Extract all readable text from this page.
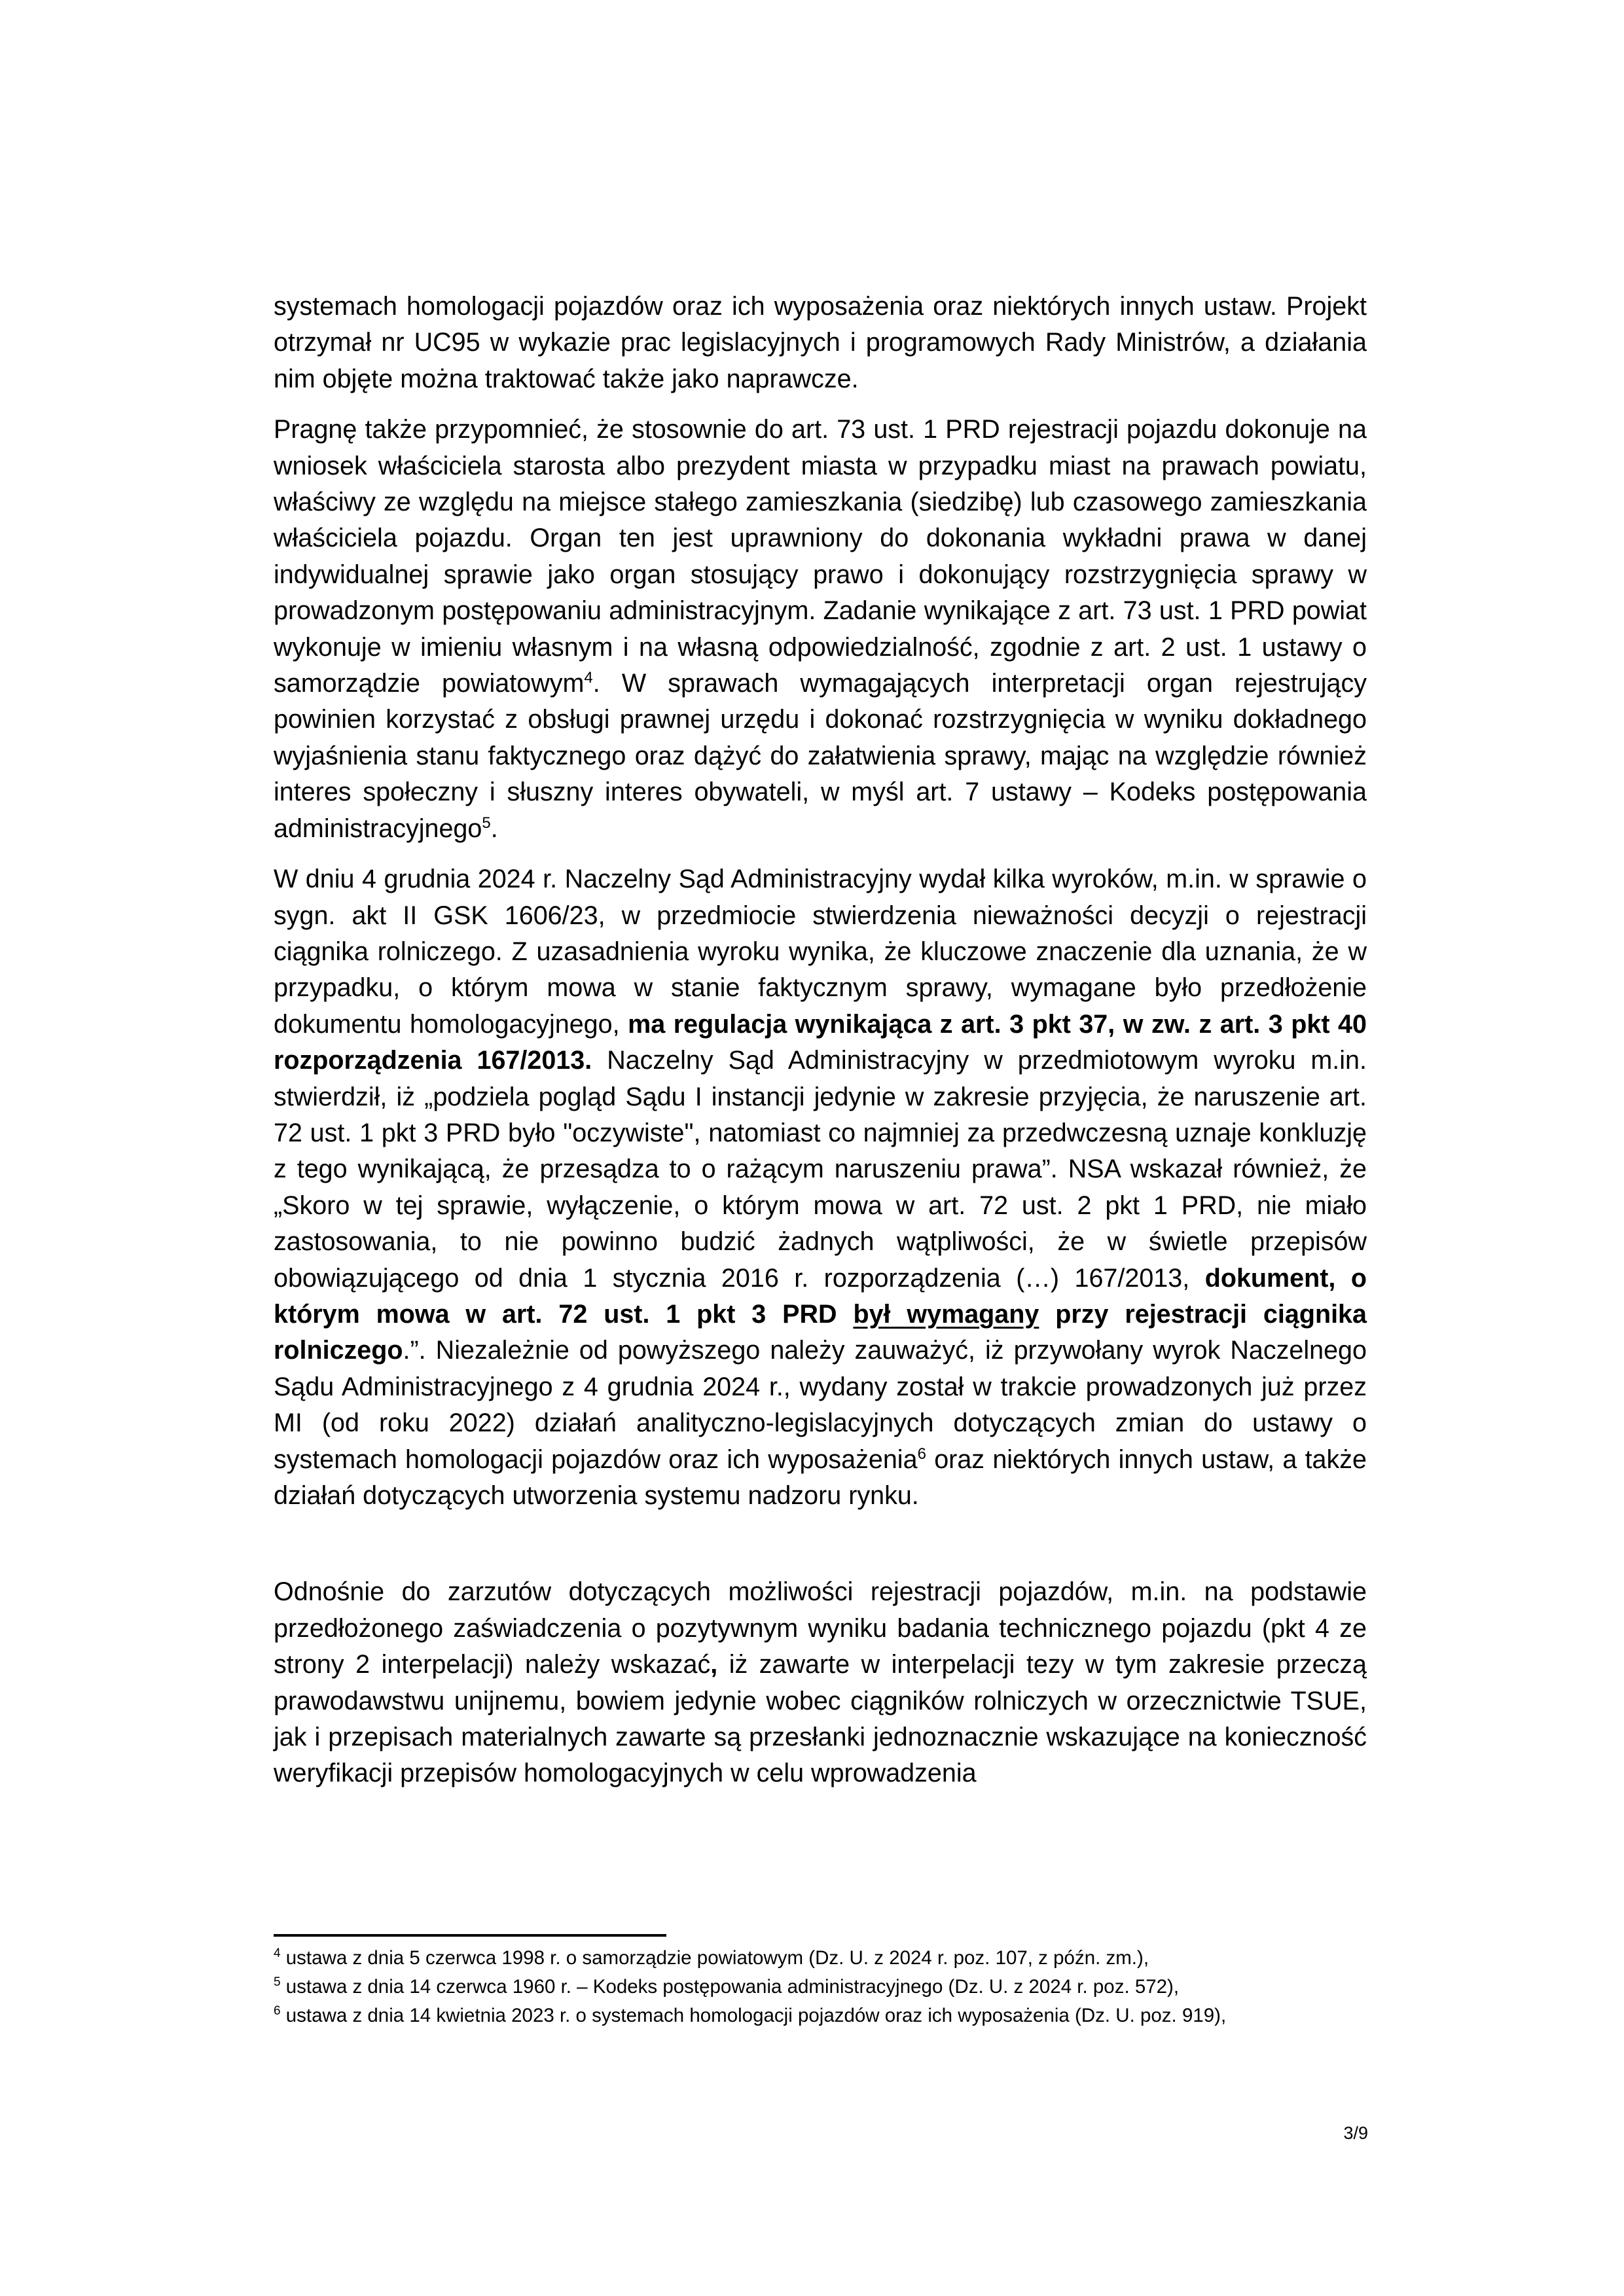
systemach homologacji pojazdów oraz ich wyposażenia oraz niektórych innych ustaw. Projekt otrzymał nr UC95 w wykazie prac legislacyjnych i programowych Rady Ministrów, a działania nim objęte można traktować także jako naprawcze.

Pragnę także przypomnieć, że stosownie do art. 73 ust. 1 PRD rejestracji pojazdu dokonuje na wniosek właściciela starosta albo prezydent miasta w przypadku miast na prawach powiatu, właściwy ze względu na miejsce stałego zamieszkania (siedzibę) lub czasowego zamieszkania właściciela pojazdu. Organ ten jest uprawniony do dokonania wykładni prawa w danej indywidualnej sprawie jako organ stosujący prawo i dokonujący rozstrzygnięcia sprawy w prowadzonym postępowaniu administracyjnym. Zadanie wynikające z art. 73 ust. 1 PRD powiat wykonuje w imieniu własnym i na własną odpowiedzialność, zgodnie z art. 2 ust. 1 ustawy o samorządzie powiatowym$^4$. W sprawach wymagających interpretacji organ rejestrujący powinien korzystać z obsługi prawnej urzędu i dokonać rozstrzygnięcia w wyniku dokładnego wyjaśnienia stanu faktycznego oraz dążyć do załatwienia sprawy, mając na względzie również interes społeczny i słuszny interes obywateli, w myśl art. 7 ustawy – Kodeks postępowania administracyjnego$^5$.

W dniu 4 grudnia 2024 r. Naczelny Sąd Administracyjny wydał kilka wyroków, m.in. w sprawie o sygn. akt II GSK 1606/23, w przedmiocie stwierdzenia nieważności decyzji o rejestracji ciągnika rolniczego. Z uzasadnienia wyroku wynika, że kluczowe znaczenie dla uznania, że w przypadku, o którym mowa w stanie faktycznym sprawy, wymagane było przedłożenie dokumentu homologacyjnego, ma regulacja wynikająca z art. 3 pkt 37, w zw. z art. 3 pkt 40 rozporządzenia 167/2013. Naczelny Sąd Administracyjny w przedmiotowym wyroku m.in. stwierdził, iż „podziela pogląd Sądu I instancji jedynie w zakresie przyjęcia, że naruszenie art. 72 ust. 1 pkt 3 PRD było "oczywiste", natomiast co najmniej za przedwczesną uznaje konkluzję z tego wynikającą, że przesądza to o rażącym naruszeniu prawa”. NSA wskazał również, że „Skoro w tej sprawie, wyłączenie, o którym mowa w art. 72 ust. 2 pkt 1 PRD, nie miało zastosowania, to nie powinno budzić żadnych wątpliwości, że w świetle przepisów obowiązującego od dnia 1 stycznia 2016 r. rozporządzenia (…) 167/2013, dokument, o którym mowa w art. 72 ust. 1 pkt 3 PRD był wymagany przy rejestracji ciągnika rolniczego.”. Niezależnie od powyższego należy zauważyć, iż przywołany wyrok Naczelnego Sądu Administracyjnego z 4 grudnia 2024 r., wydany został w trakcie prowadzonych już przez MI (od roku 2022) działań analityczno-legislacyjnych dotyczących zmian do ustawy o systemach homologacji pojazdów oraz ich wyposażenia$^6$ oraz niektórych innych ustaw, a także działań dotyczących utworzenia systemu nadzoru rynku.

Odnośnie do zarzutów dotyczących możliwości rejestracji pojazdów, m.in. na podstawie przedłożonego zaświadczenia o pozytywnym wyniku badania technicznego pojazdu (pkt 4 ze strony 2 interpelacji) należy wskazać, iż zawarte w interpelacji tezy w tym zakresie przeczą prawodawstwu unijnemu, bowiem jedynie wobec ciągników rolniczych w orzecznictwie TSUE, jak i przepisach materialnych zawarte są przesłanki jednoznacznie wskazujące na konieczność weryfikacji przepisów homologacyjnych w celu wprowadzenia

$^4$ ustawa z dnia 5 czerwca 1998 r. o samorządzie powiatowym (Dz. U. z 2024 r. poz. 107, z późn. zm.),
$^5$ ustawa z dnia 14 czerwca 1960 r. – Kodeks postępowania administracyjnego (Dz. U. z 2024 r. poz. 572),
$^6$ ustawa z dnia 14 kwietnia 2023 r. o systemach homologacji pojazdów oraz ich wyposażenia (Dz. U. poz. 919),
3/9
